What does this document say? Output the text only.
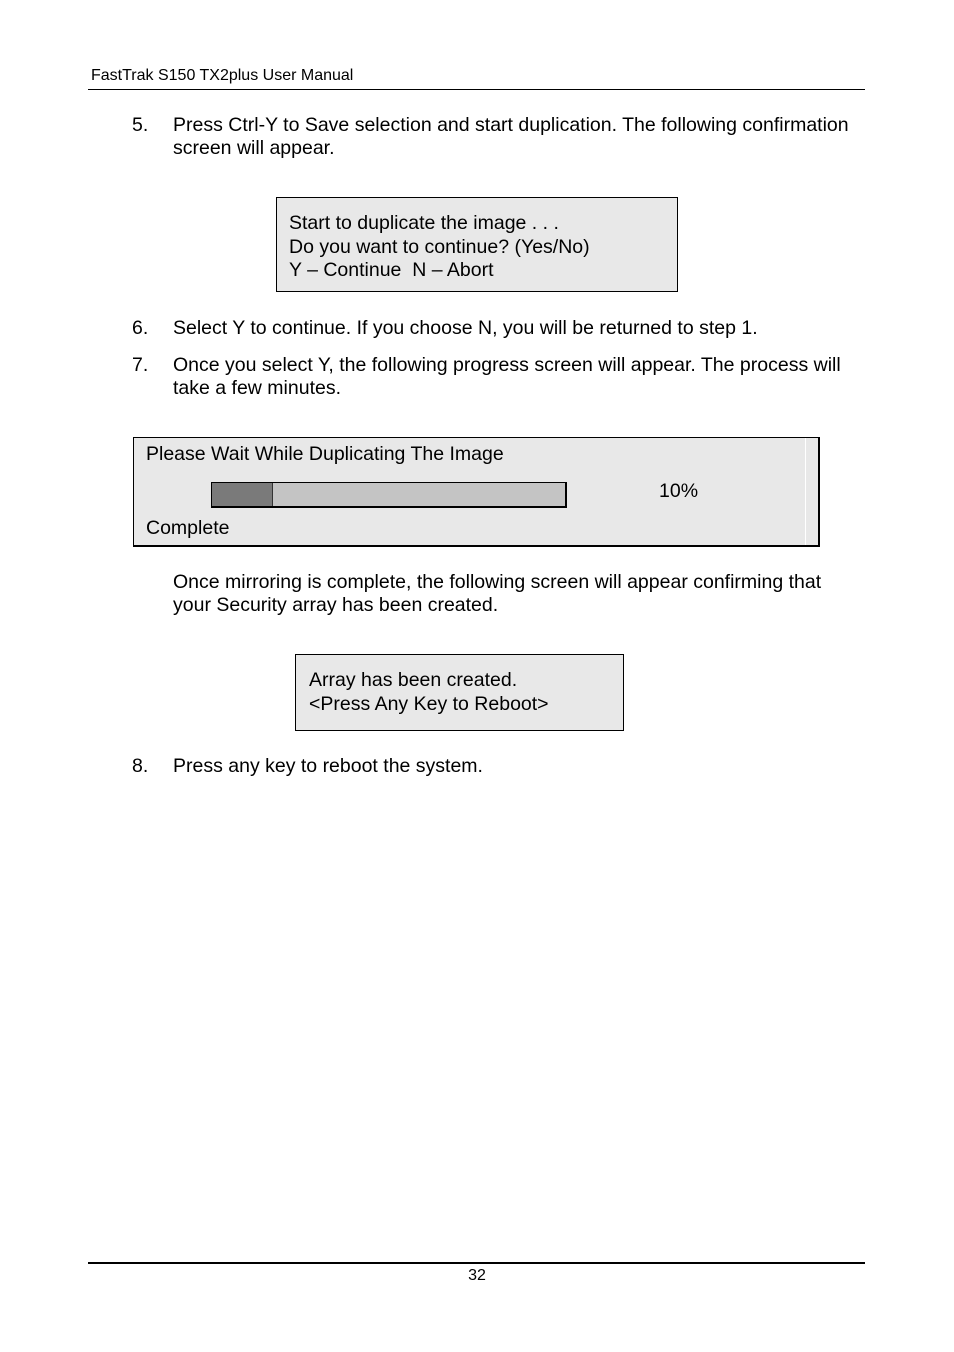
FastTrak S150 TX2plus User Manual
5. Press Ctrl-Y to Save selection and start duplication. The following confirmation screen will appear.
Start to duplicate the image . . .
Do you want to continue? (Yes/No)
Y – Continue  N – Abort
6. Select Y to continue. If you choose N, you will be returned to step 1.
7. Once you select Y, the following progress screen will appear. The process will take a few minutes.
Please Wait While Duplicating The Image
10%
Complete
Once mirroring is complete, the following screen will appear confirming that your Security array has been created.
Array has been created.
<Press Any Key to Reboot>
8. Press any key to reboot the system.
32
